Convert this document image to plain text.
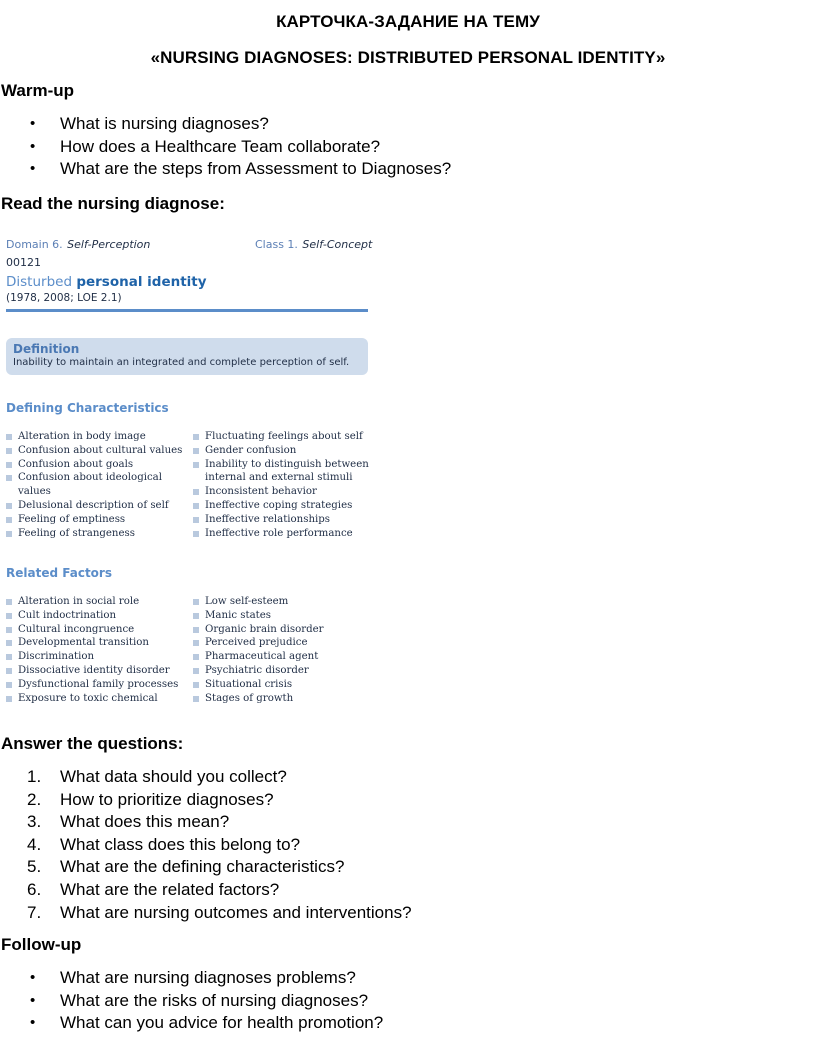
КАРТОЧКА-ЗАДАНИЕ НА ТЕМУ
«NURSING DIAGNOSES: DISTRIBUTED PERSONAL IDENTITY»
Warm-up
• What is nursing diagnoses?
• How does a Healthcare Team collaborate?
• What are the steps from Assessment to Diagnoses?
Read the nursing diagnose:
Domain 6. Self-Perception	Class 1. Self-Concept
00121
Disturbed personal identity
(1978, 2008; LOE 2.1)
Definition
Inability to maintain an integrated and complete perception of self.
Defining Characteristics
Alteration in body image
Confusion about cultural values
Confusion about goals
Confusion about ideological values
Delusional description of self
Feeling of emptiness
Feeling of strangeness
Fluctuating feelings about self
Gender confusion
Inability to distinguish between internal and external stimuli
Inconsistent behavior
Ineffective coping strategies
Ineffective relationships
Ineffective role performance
Related Factors
Alteration in social role
Cult indoctrination
Cultural incongruence
Developmental transition
Discrimination
Dissociative identity disorder
Dysfunctional family processes
Exposure to toxic chemical
Low self-esteem
Manic states
Organic brain disorder
Perceived prejudice
Pharmaceutical agent
Psychiatric disorder
Situational crisis
Stages of growth
Answer the questions:
1.	What data should you collect?
2.	How to prioritize diagnoses?
3.	What does this mean?
4.	What class does this belong to?
5.	What are the defining characteristics?
6.	What are the related factors?
7.	What are nursing outcomes and interventions?
Follow-up
• What are nursing diagnoses problems?
• What are the risks of nursing diagnoses?
• What can you advice for health promotion?
